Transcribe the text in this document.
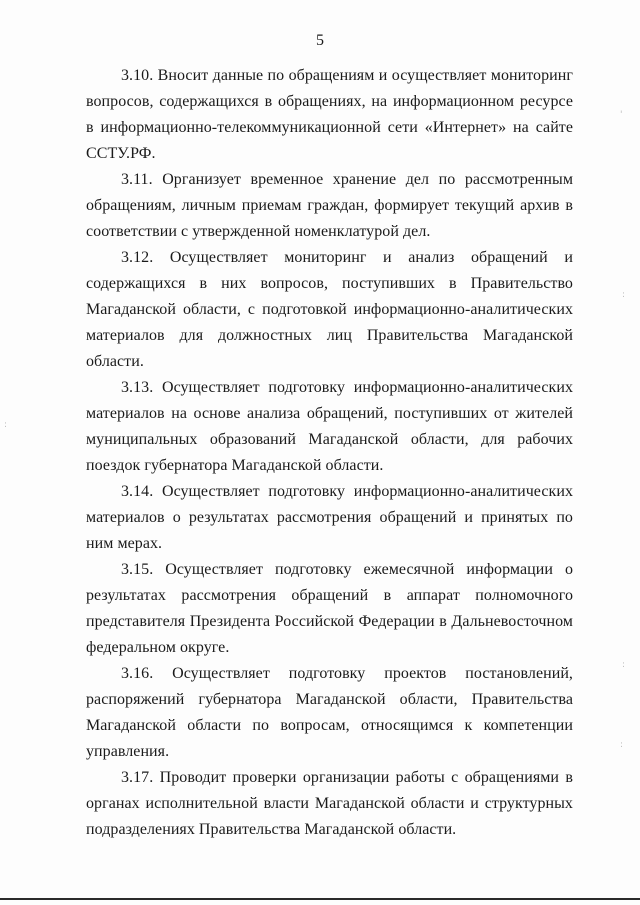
5

3.10. Вносит данные по обращениям и осуществляет мониторинг вопросов, содержащихся в обращениях, на информационном ресурсе в информационно-телекоммуникационной сети «Интернет» на сайте ССТУ.РФ.

3.11. Организует временное хранение дел по рассмотренным обращениям, личным приемам граждан, формирует текущий архив в соответствии с утвержденной номенклатурой дел.

3.12. Осуществляет мониторинг и анализ обращений и содержащихся в них вопросов, поступивших в Правительство Магаданской области, с подготовкой информационно-аналитических материалов для должностных лиц Правительства Магаданской области.

3.13. Осуществляет подготовку информационно-аналитических материалов на основе анализа обращений, поступивших от жителей муниципальных образований Магаданской области, для рабочих поездок губернатора Магаданской области.

3.14. Осуществляет подготовку информационно-аналитических материалов о результатах рассмотрения обращений и принятых по ним мерах.

3.15. Осуществляет подготовку ежемесячной информации о результатах рассмотрения обращений в аппарат полномочного представителя Президента Российской Федерации в Дальневосточном федеральном округе.

3.16. Осуществляет подготовку проектов постановлений, распоряжений губернатора Магаданской области, Правительства Магаданской области по вопросам, относящимся к компетенции управления.

3.17. Проводит проверки организации работы с обращениями в органах исполнительной власти Магаданской области и структурных подразделениях Правительства Магаданской области.

'
:
:
:
:
